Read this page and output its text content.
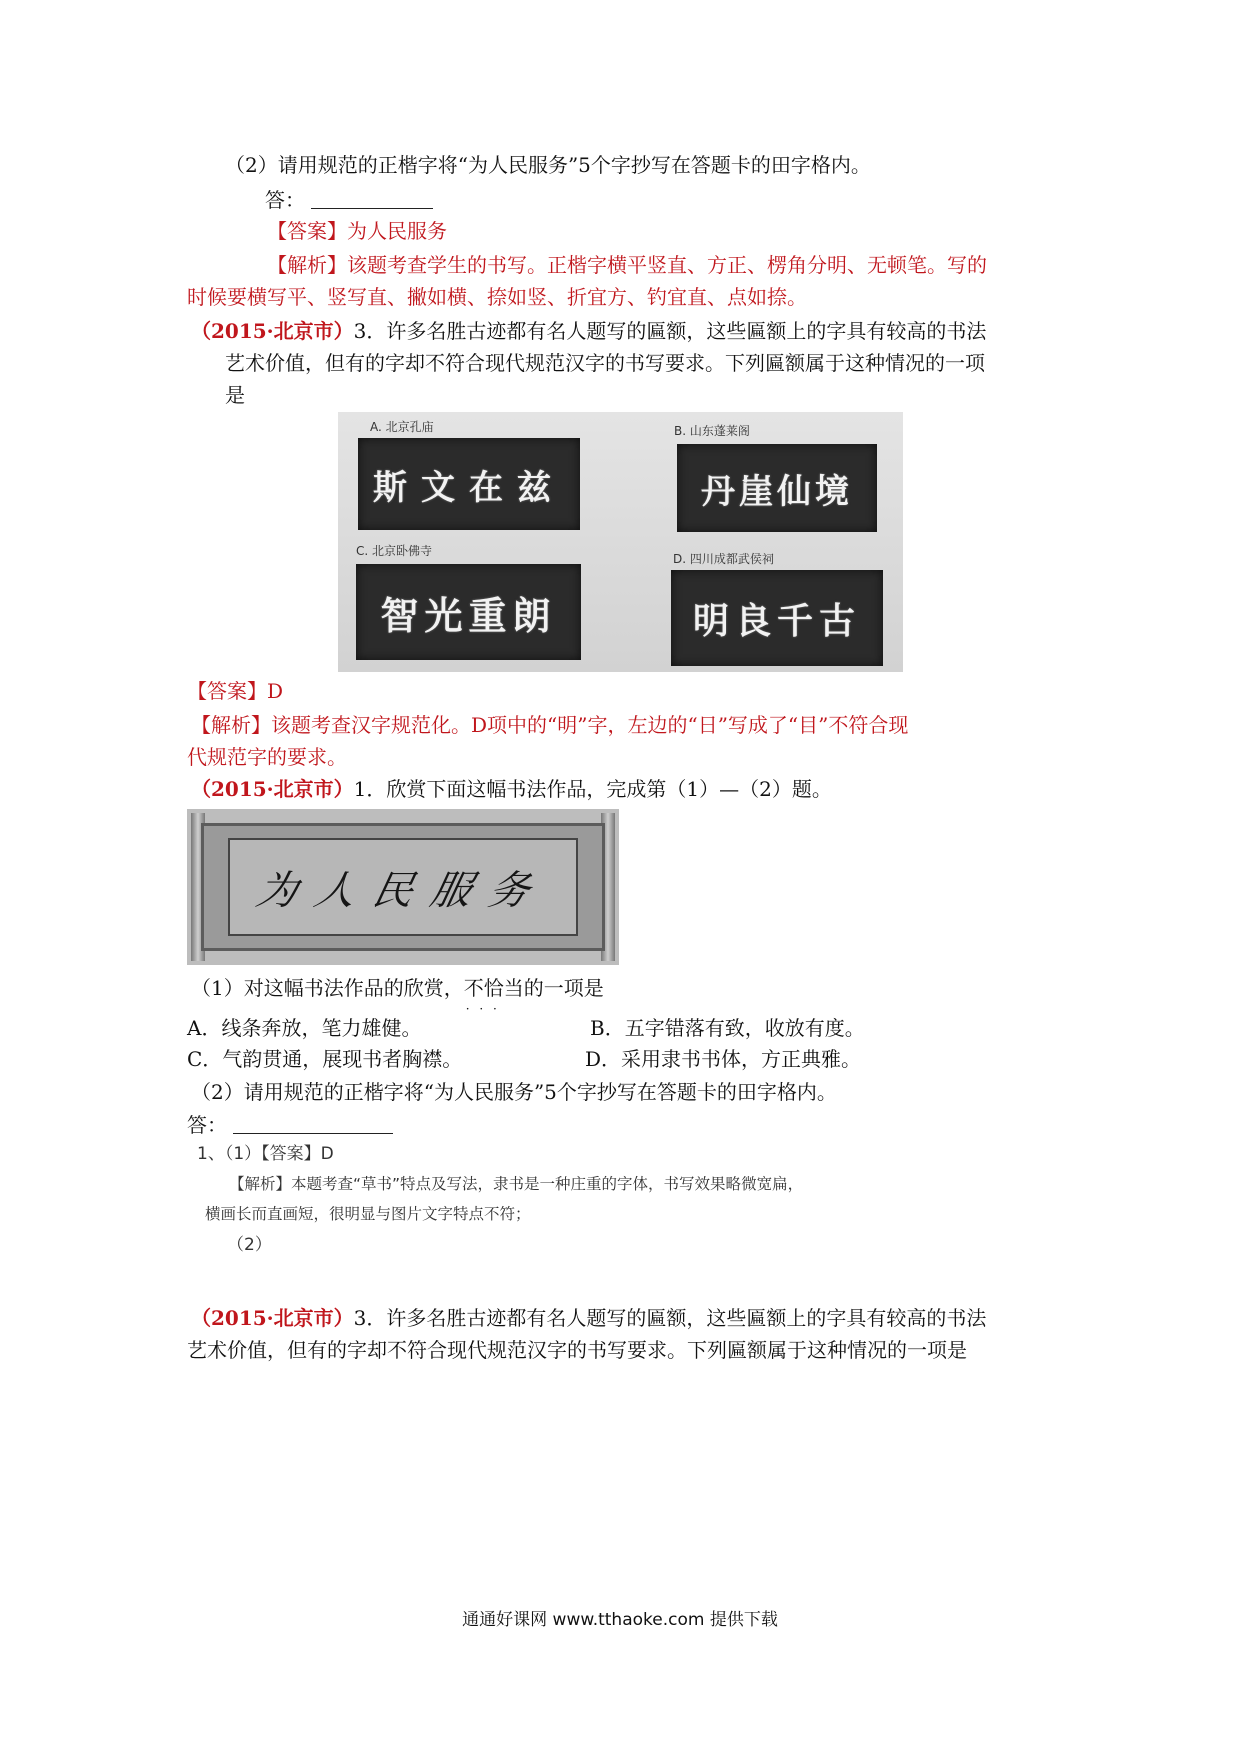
（2）请用规范的正楷字将“为人民服务”5个字抄写在答题卡的田字格内。
答：
【答案】为人民服务
【解析】该题考查学生的书写。正楷字横平竖直、方正、楞角分明、无顿笔。写的
时候要横写平、竖写直、撇如横、捺如竖、折宜方、钓宜直、点如捺。
（2015·北京市）3．许多名胜古迹都有名人题写的匾额，这些匾额上的字具有较高的书法
艺术价值，但有的字却不符合现代规范汉字的书写要求。下列匾额属于这种情况的一项
是
A. 北京孔庙
斯文在兹
B. 山东蓬莱阁
丹崖仙境
C. 北京卧佛寺
智光重朗
D. 四川成都武侯祠
明良千古
【答案】D
【解析】该题考查汉字规范化。D项中的“明”字，左边的“日”写成了“目”不符合现
代规范字的要求。
（2015·北京市）1．欣赏下面这幅书法作品，完成第（1）—（2）题。
为人民服务
（1）对这幅书法作品的欣赏，不恰当 · · ·的一项是
A．线条奔放，笔力雄健。	B．五字错落有致，收放有度。
C．气韵贯通，展现书者胸襟。	D．采用隶书书体，方正典雅。
（2）请用规范的正楷字将“为人民服务”5个字抄写在答题卡的田字格内。
答：
1、（1）【答案】D
【解析】本题考查“草书”特点及写法，隶书是一种庄重的字体，书写效果略微宽扁，
横画长而直画短，很明显与图片文字特点不符；
（2）
（2015·北京市）3．许多名胜古迹都有名人题写的匾额，这些匾额上的字具有较高的书法
艺术价值，但有的字却不符合现代规范汉字的书写要求。下列匾额属于这种情况的一项是
通通好课网 www.tthaoke.com 提供下载
